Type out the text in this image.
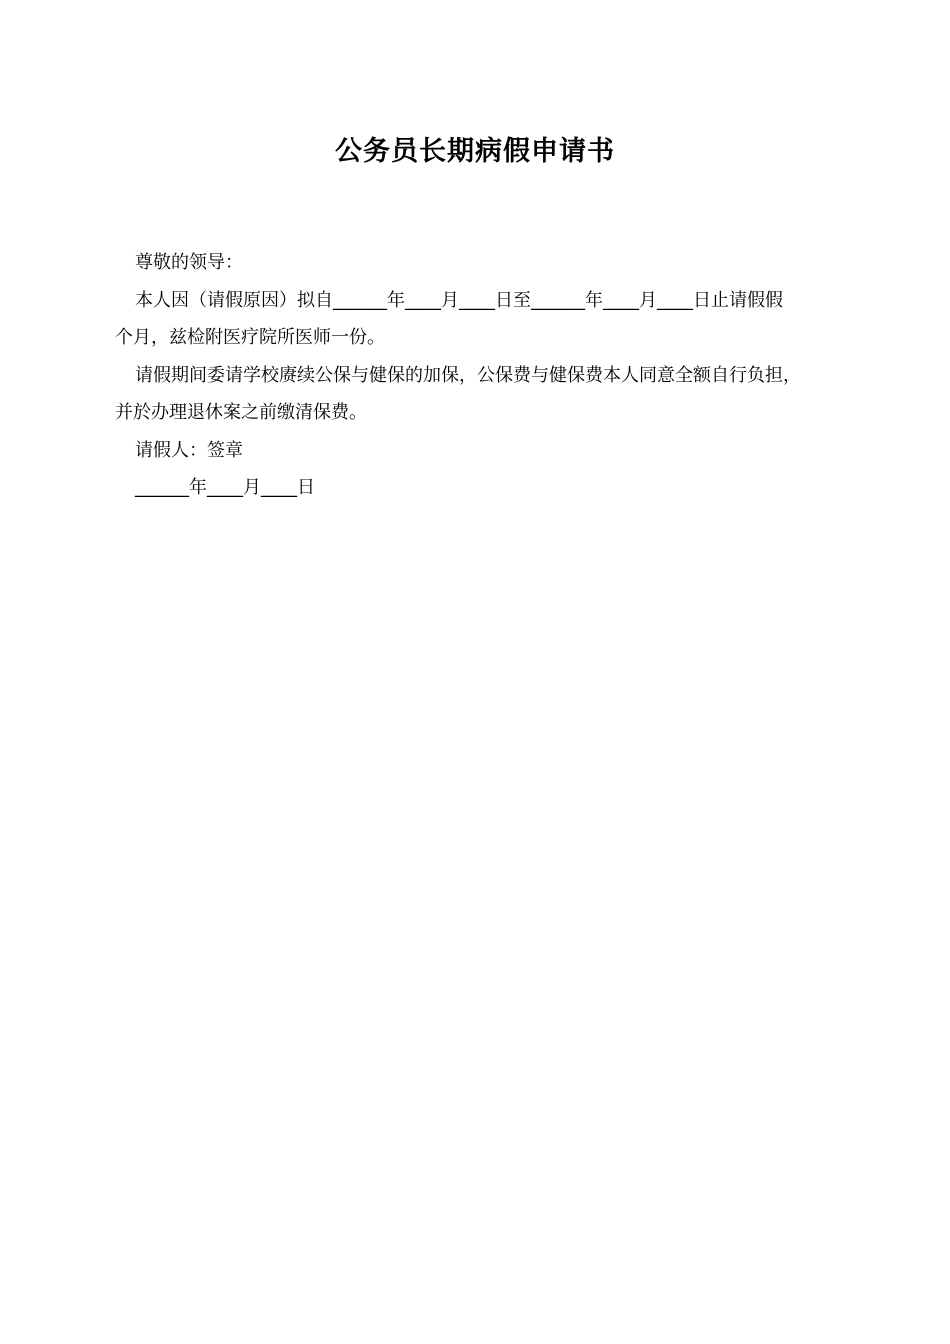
公务员长期病假申请书

尊敬的领导：

本人因（请假原因）拟自______年____月____日至______年____月____日止请假假

个月，兹检附医疗院所医师一份。

请假期间委请学校赓续公保与健保的加保，公保费与健保费本人同意全额自行负担，

并於办理退休案之前缴清保费。

请假人：签章

______年____月____日
